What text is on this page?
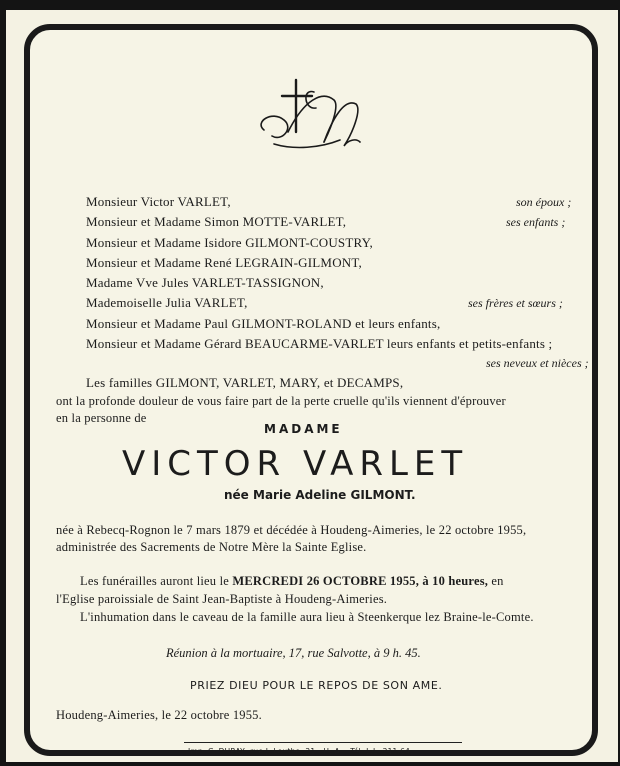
Monsieur Victor VARLET,	son époux ;
Monsieur et Madame Simon MOTTE-VARLET,	ses enfants ;
Monsieur et Madame Isidore GILMONT-COUSTRY,
Monsieur et Madame René LEGRAIN-GILMONT,
Madame Vve Jules VARLET-TASSIGNON,
Mademoiselle Julia VARLET,	ses frères et sœurs ;
Monsieur et Madame Paul GILMONT-ROLAND et leurs enfants,
Monsieur et Madame Gérard BEAUCARME-VARLET leurs enfants et petits-enfants ;
ses neveux et nièces ;
Les familles GILMONT, VARLET, MARY, et DECAMPS,
ont la profonde douleur de vous faire part de la perte cruelle qu'ils viennent d'éprouver
en la personne de
MADAME
VICTOR VARLET
née Marie Adeline GILMONT.
née à Rebecq-Rognon le 7 mars 1879 et décédée à Houdeng-Aimeries, le 22 octobre 1955,
administrée des Sacrements de Notre Mère la Sainte Eglise.
Les funérailles auront lieu le MERCREDI 26 OCTOBRE 1955, à 10 heures, en
l'Eglise paroissiale de Saint Jean-Baptiste à Houdeng-Aimeries.
L'inhumation dans le caveau de la famille aura lieu à Steenkerque lez Braine-le-Comte.
Réunion à la mortuaire, 17, rue Salvotte, à 9 h. 45.
PRIEZ DIEU POUR LE REPOS DE SON AME.
Houdeng-Aimeries, le 22 octobre 1955.
Imp. C. DURAY, rue J. Louthe, 21 - H.-A. - Tél. L.L. 211.64.
